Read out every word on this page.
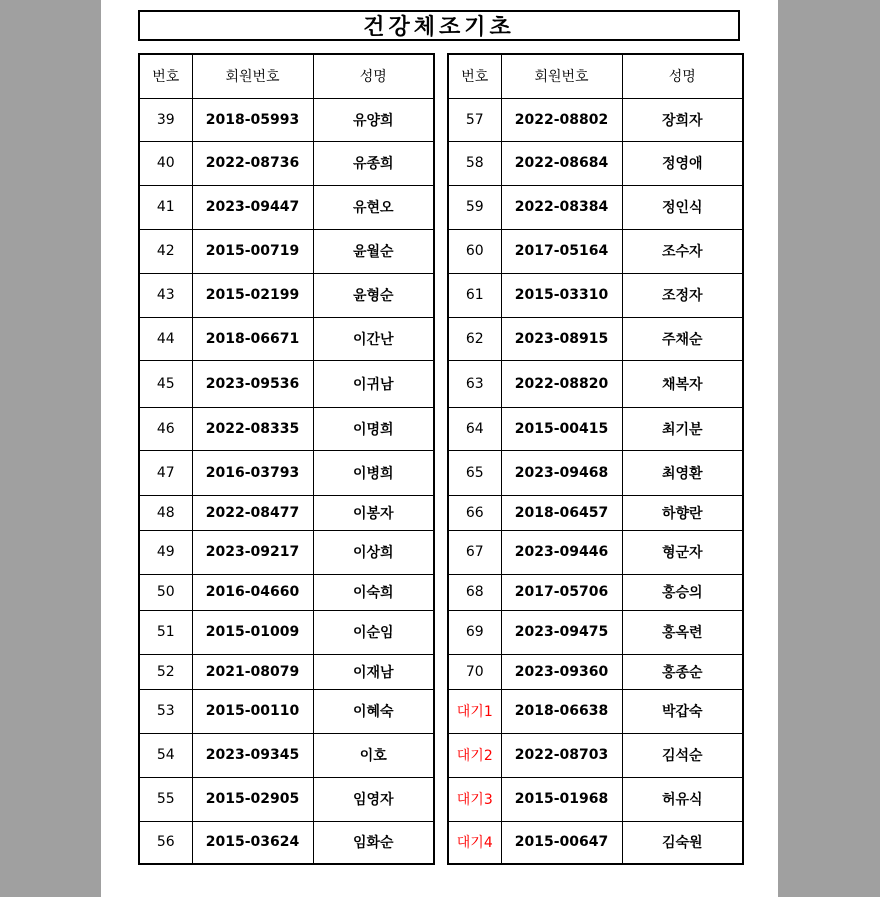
건강체조기초
번호	회원번호	성명
39	2018-05993	유양희
40	2022-08736	유종희
41	2023-09447	유현오
42	2015-00719	윤월순
43	2015-02199	윤형순
44	2018-06671	이간난
45	2023-09536	이귀남
46	2022-08335	이명희
47	2016-03793	이병희
48	2022-08477	이봉자
49	2023-09217	이상희
50	2016-04660	이숙희
51	2015-01009	이순임
52	2021-08079	이재남
53	2015-00110	이혜숙
54	2023-09345	이호
55	2015-02905	임영자
56	2015-03624	임화순
번호	회원번호	성명
57	2022-08802	장희자
58	2022-08684	정영애
59	2022-08384	정인식
60	2017-05164	조수자
61	2015-03310	조정자
62	2023-08915	주채순
63	2022-08820	채복자
64	2015-00415	최기분
65	2023-09468	최영환
66	2018-06457	하향란
67	2023-09446	형군자
68	2017-05706	홍승의
69	2023-09475	홍옥련
70	2023-09360	홍종순
대기1	2018-06638	박갑숙
대기2	2022-08703	김석순
대기3	2015-01968	허유식
대기4	2015-00647	김숙원
